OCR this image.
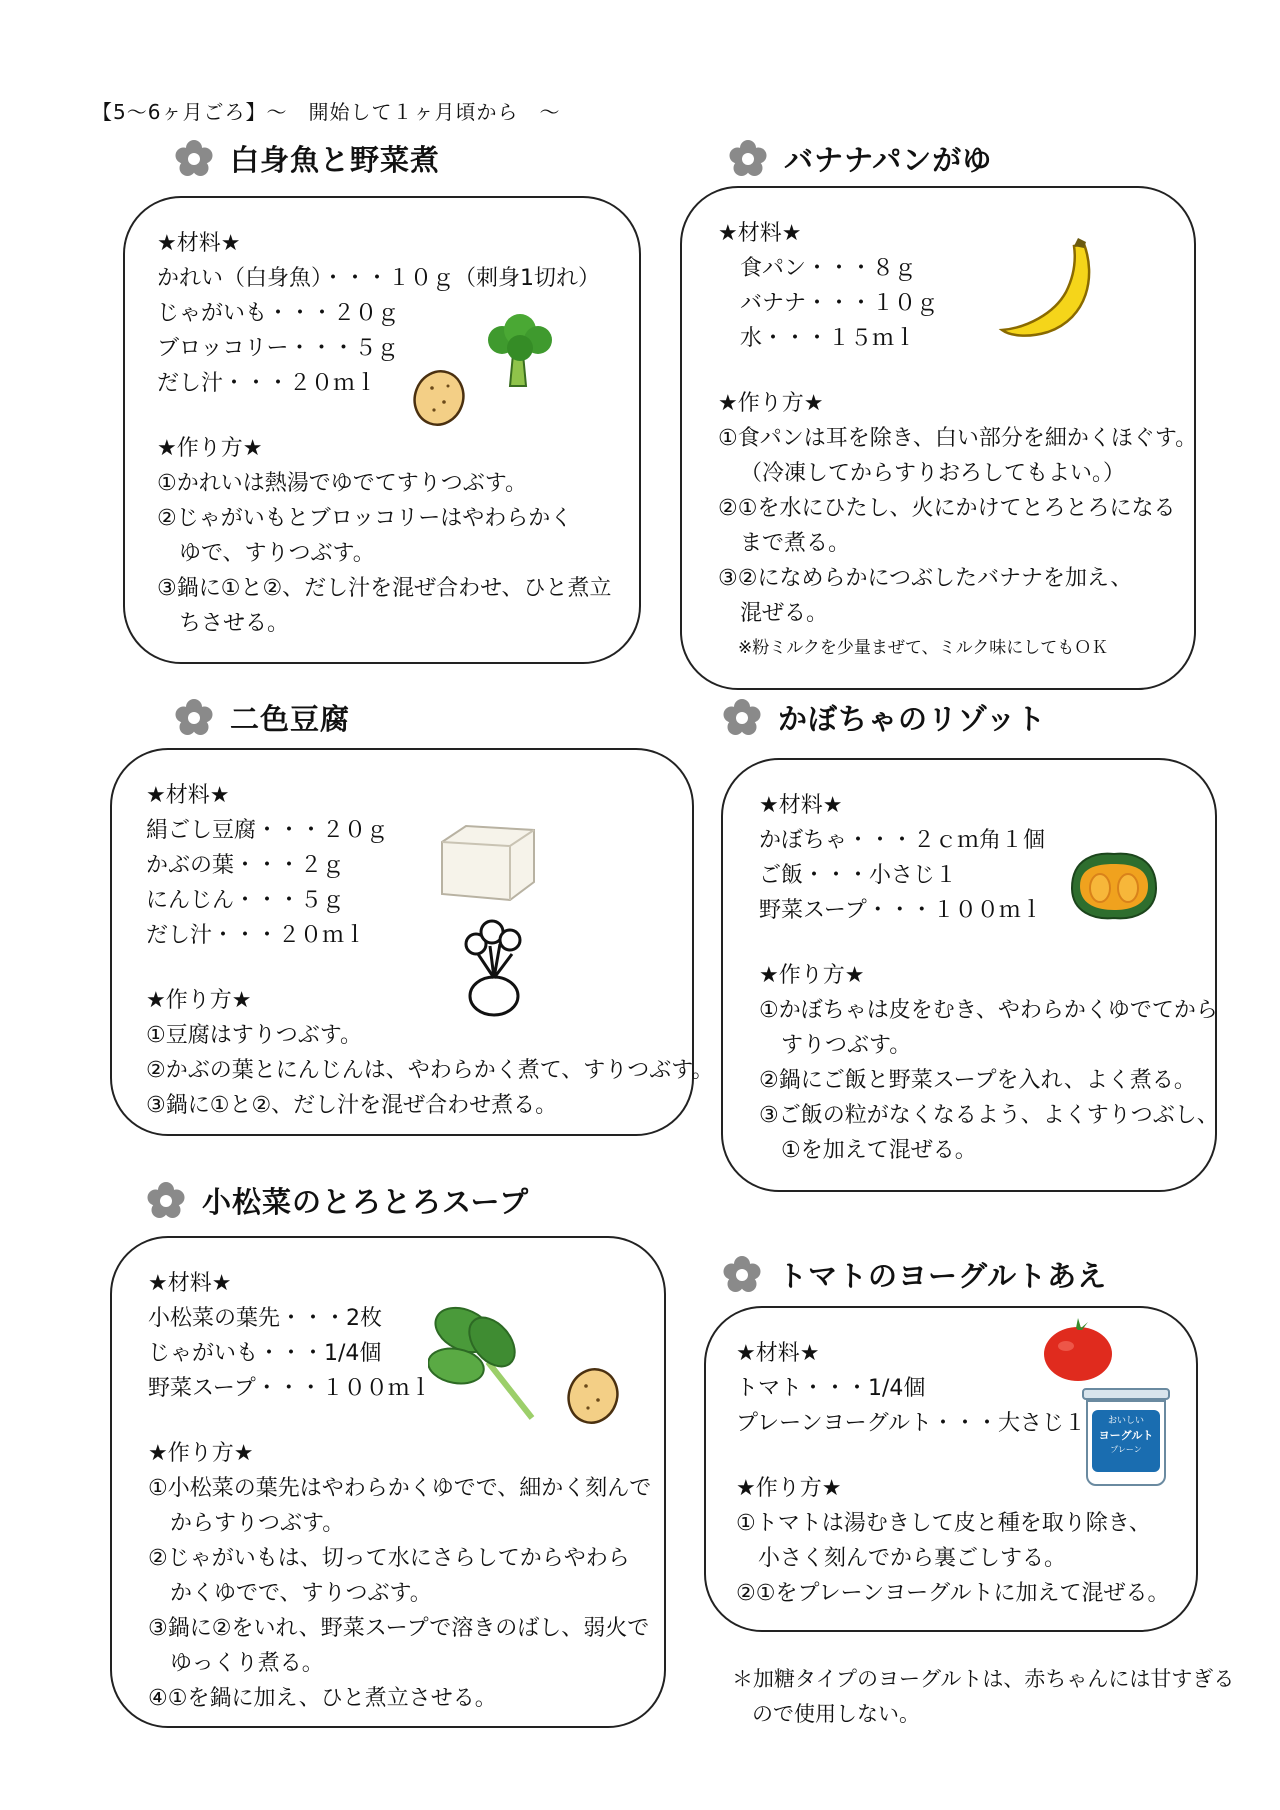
【5～6ヶ月ごろ】～　開始して１ヶ月頃から　～
白身魚と野菜煮
★材料★
かれい（白身魚）・・・１０ｇ（刺身1切れ）
じゃがいも・・・２０ｇ
ブロッコリー・・・５ｇ
だし汁・・・２０ｍｌ
★作り方★
①かれいは熱湯でゆでてすりつぶす。
②じゃがいもとブロッコリーはやわらかく
ゆで、すりつぶす。
③鍋に①と②、だし汁を混ぜ合わせ、ひと煮立
ちさせる。
バナナパンがゆ
★材料★
食パン・・・８ｇ
バナナ・・・１０ｇ
水・・・１５ｍｌ
★作り方★
①食パンは耳を除き、白い部分を細かくほぐす。
（冷凍してからすりおろしてもよい。）
②①を水にひたし、火にかけてとろとろになる
まで煮る。
③②になめらかにつぶしたバナナを加え、
混ぜる。
※粉ミルクを少量まぜて、ミルク味にしてもＯＫ
二色豆腐
★材料★
絹ごし豆腐・・・２０ｇ
かぶの葉・・・２ｇ
にんじん・・・５ｇ
だし汁・・・２０ｍｌ
★作り方★
①豆腐はすりつぶす。
②かぶの葉とにんじんは、やわらかく煮て、すりつぶす。
③鍋に①と②、だし汁を混ぜ合わせ煮る。
かぼちゃのリゾット
★材料★
かぼちゃ・・・２ｃｍ角１個
ご飯・・・小さじ１
野菜スープ・・・１００ｍｌ
★作り方★
①かぼちゃは皮をむき、やわらかくゆでてから
すりつぶす。
②鍋にご飯と野菜スープを入れ、よく煮る。
③ご飯の粒がなくなるよう、よくすりつぶし、
①を加えて混ぜる。
小松菜のとろとろスープ
★材料★
小松菜の葉先・・・2枚
じゃがいも・・・1/4個
野菜スープ・・・１００ｍｌ
★作り方★
①小松菜の葉先はやわらかくゆでで、細かく刻んで
からすりつぶす。
②じゃがいもは、切って水にさらしてからやわら
かくゆでで、すりつぶす。
③鍋に②をいれ、野菜スープで溶きのばし、弱火で
ゆっくり煮る。
④①を鍋に加え、ひと煮立させる。
トマトのヨーグルトあえ
★材料★
トマト・・・1/4個
プレーンヨーグルト・・・大さじ１
★作り方★
①トマトは湯むきして皮と種を取り除き、
小さく刻んでから裏ごしする。
②①をプレーンヨーグルトに加えて混ぜる。
おいしい
ヨーグルト
プレーン
＊加糖タイプのヨーグルトは、赤ちゃんには甘すぎる
ので使用しない。
